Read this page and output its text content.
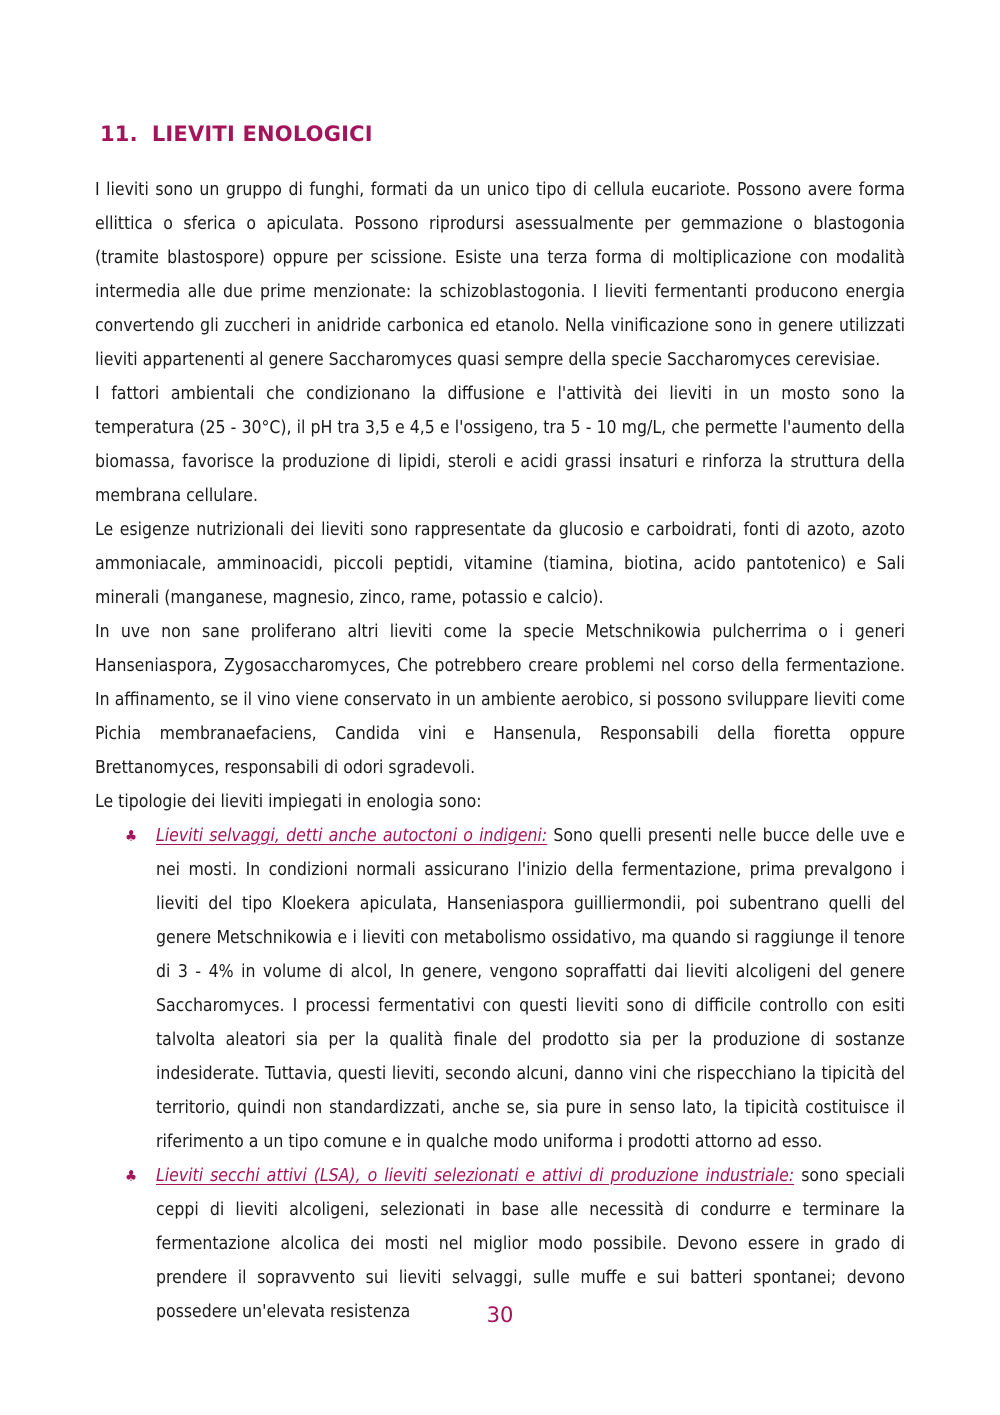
11. LIEVITI ENOLOGICI

I lieviti sono un gruppo di funghi, formati da un unico tipo di cellula eucariote. Possono avere forma ellittica o sferica o apiculata. Possono riprodursi asessualmente per gemmazione o blastogonia (tramite blastospore) oppure per scissione. Esiste una terza forma di moltiplicazione con modalità intermedia alle due prime menzionate: la schizoblastogonia. I lieviti fermentanti producono energia convertendo gli zuccheri in anidride carbonica ed etanolo. Nella vinificazione sono in genere utilizzati lieviti appartenenti al genere Saccharomyces quasi sempre della specie Saccharomyces cerevisiae.

I fattori ambientali che condizionano la diffusione e l'attività dei lieviti in un mosto sono la temperatura (25 - 30°C), il pH tra 3,5 e 4,5 e l'ossigeno, tra 5 - 10 mg/L, che permette l'aumento della biomassa, favorisce la produzione di lipidi, steroli e acidi grassi insaturi e rinforza la struttura della membrana cellulare.

Le esigenze nutrizionali dei lieviti sono rappresentate da glucosio e carboidrati, fonti di azoto, azoto ammoniacale, amminoacidi, piccoli peptidi, vitamine (tiamina, biotina, acido pantotenico) e Sali minerali (manganese, magnesio, zinco, rame, potassio e calcio).

In uve non sane proliferano altri lieviti come la specie Metschnikowia pulcherrima o i generi Hanseniaspora, Zygosaccharomyces, Che potrebbero creare problemi nel corso della fermentazione. In affinamento, se il vino viene conservato in un ambiente aerobico, si possono sviluppare lieviti come Pichia membranaefaciens, Candida vini e Hansenula, Responsabili della fioretta oppure Brettanomyces, responsabili di odori sgradevoli.

Le tipologie dei lieviti impiegati in enologia sono:

♣ Lieviti selvaggi, detti anche autoctoni o indigeni: Sono quelli presenti nelle bucce delle uve e nei mosti. In condizioni normali assicurano l'inizio della fermentazione, prima prevalgono i lieviti del tipo Kloekera apiculata, Hanseniaspora guilliermondii, poi subentrano quelli del genere Metschnikowia e i lieviti con metabolismo ossidativo, ma quando si raggiunge il tenore di 3 - 4% in volume di alcol, In genere, vengono sopraffatti dai lieviti alcoligeni del genere Saccharomyces. I processi fermentativi con questi lieviti sono di difficile controllo con esiti talvolta aleatori sia per la qualità finale del prodotto sia per la produzione di sostanze indesiderate. Tuttavia, questi lieviti, secondo alcuni, danno vini che rispecchiano la tipicità del territorio, quindi non standardizzati, anche se, sia pure in senso lato, la tipicità costituisce il riferimento a un tipo comune e in qualche modo uniforma i prodotti attorno ad esso.
♣ Lieviti secchi attivi (LSA), o lieviti selezionati e attivi di produzione industriale: sono speciali ceppi di lieviti alcoligeni, selezionati in base alle necessità di condurre e terminare la fermentazione alcolica dei mosti nel miglior modo possibile. Devono essere in grado di prendere il sopravvento sui lieviti selvaggi, sulle muffe e sui batteri spontanei; devono possedere un'elevata resistenza	30
